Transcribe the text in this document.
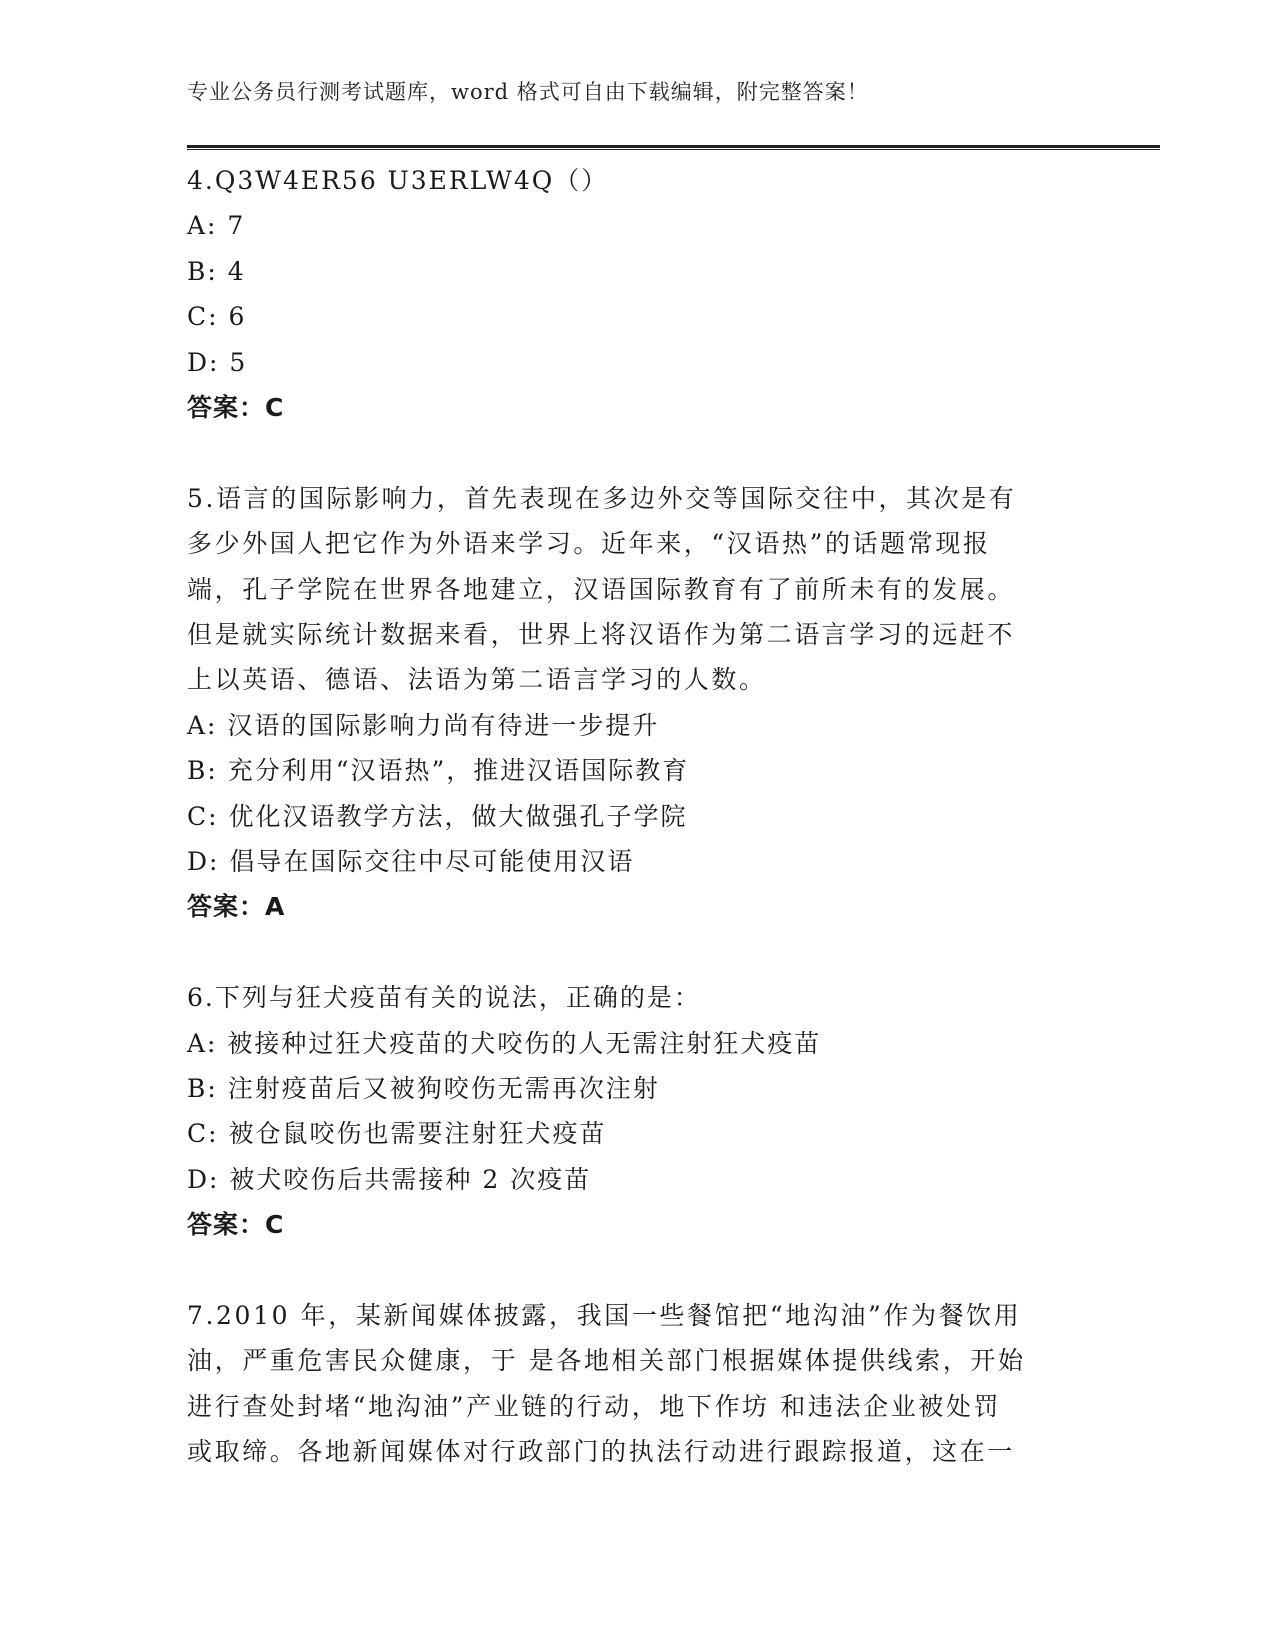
专业公务员行测考试题库，word 格式可自由下载编辑，附完整答案！
4.Q3W4ER56 U3ERLW4Q（）
A: 7
B: 4
C: 6
D: 5
答案：C
5.语言的国际影响力，首先表现在多边外交等国际交往中，其次是有
多少外国人把它作为外语来学习。近年来，“汉语热”的话题常现报
端，孔子学院在世界各地建立，汉语国际教育有了前所未有的发展。
但是就实际统计数据来看，世界上将汉语作为第二语言学习的远赶不
上以英语、德语、法语为第二语言学习的人数。
A: 汉语的国际影响力尚有待进一步提升
B: 充分利用“汉语热”，推进汉语国际教育
C: 优化汉语教学方法，做大做强孔子学院
D: 倡导在国际交往中尽可能使用汉语
答案：A
6.下列与狂犬疫苗有关的说法，正确的是：
A: 被接种过狂犬疫苗的犬咬伤的人无需注射狂犬疫苗
B: 注射疫苗后又被狗咬伤无需再次注射
C: 被仓鼠咬伤也需要注射狂犬疫苗
D: 被犬咬伤后共需接种 2 次疫苗
答案：C
7.2010 年，某新闻媒体披露，我国一些餐馆把“地沟油”作为餐饮用
油，严重危害民众健康，于 是各地相关部门根据媒体提供线索，开始
进行查处封堵“地沟油”产业链的行动，地下作坊 和违法企业被处罚
或取缔。各地新闻媒体对行政部门的执法行动进行跟踪报道，这在一
